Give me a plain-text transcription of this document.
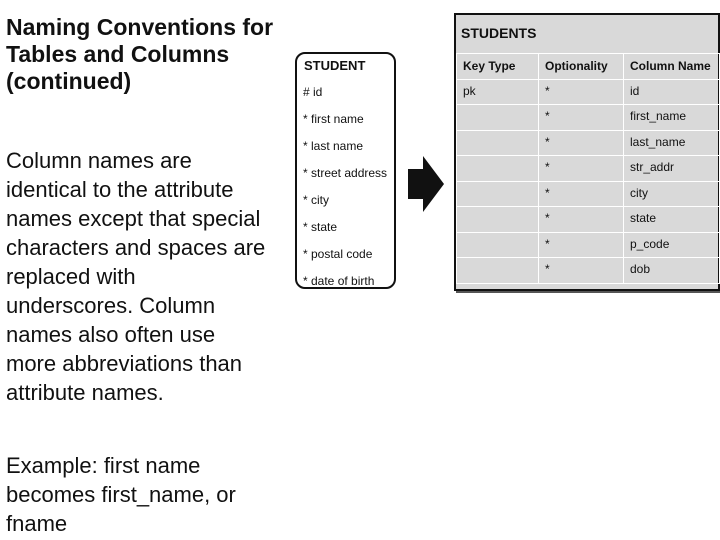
Naming Conventions for
Tables and Columns
(continued)
Column names are
identical to the attribute
names except that special
characters and spaces are
replaced with
underscores. Column
names also often use
more abbreviations than
attribute names.
Example: first name
becomes first_name, or
fname
STUDENT
# id
* first name
* last name
* street address
* city
* state
* postal code
* date of birth
STUDENTS
Key Type	Optionality	Column Name
pk	*	id
	*	first_name
	*	last_name
	*	str_addr
	*	city
	*	state
	*	p_code
	*	dob
